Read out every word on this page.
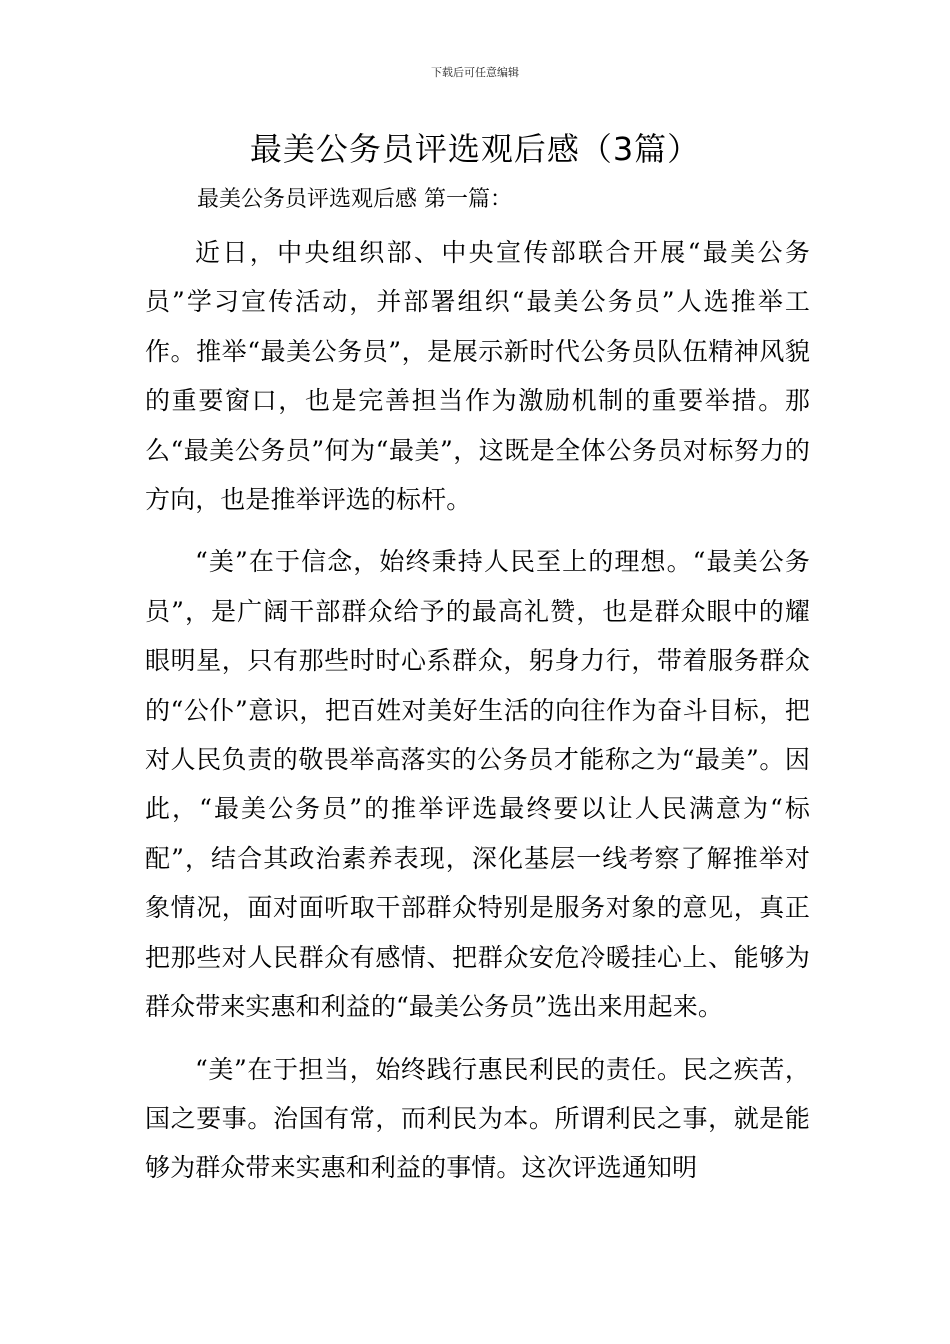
下载后可任意编辑
最美公务员评选观后感（3篇）
最美公务员评选观后感 第一篇：

近日，中央组织部、中央宣传部联合开展“最美公务员”学习宣传活动，并部署组织“最美公务员”人选推举工作。推举“最美公务员”，是展示新时代公务员队伍精神风貌的重要窗口，也是完善担当作为激励机制的重要举措。那么“最美公务员”何为“最美”，这既是全体公务员对标努力的方向，也是推举评选的标杆。

“美”在于信念，始终秉持人民至上的理想。“最美公务员”，是广阔干部群众给予的最高礼赞，也是群众眼中的耀眼明星，只有那些时时心系群众，躬身力行，带着服务群众的“公仆”意识，把百姓对美好生活的向往作为奋斗目标，把对人民负责的敬畏举高落实的公务员才能称之为“最美”。因此，“最美公务员”的推举评选最终要以让人民满意为“标配”，结合其政治素养表现，深化基层一线考察了解推举对象情况，面对面听取干部群众特别是服务对象的意见，真正把那些对人民群众有感情、把群众安危冷暖挂心上、能够为群众带来实惠和利益的“最美公务员”选出来用起来。

“美”在于担当，始终践行惠民利民的责任。民之疾苦，国之要事。治国有常，而利民为本。所谓利民之事，就是能够为群众带来实惠和利益的事情。这次评选通知明
